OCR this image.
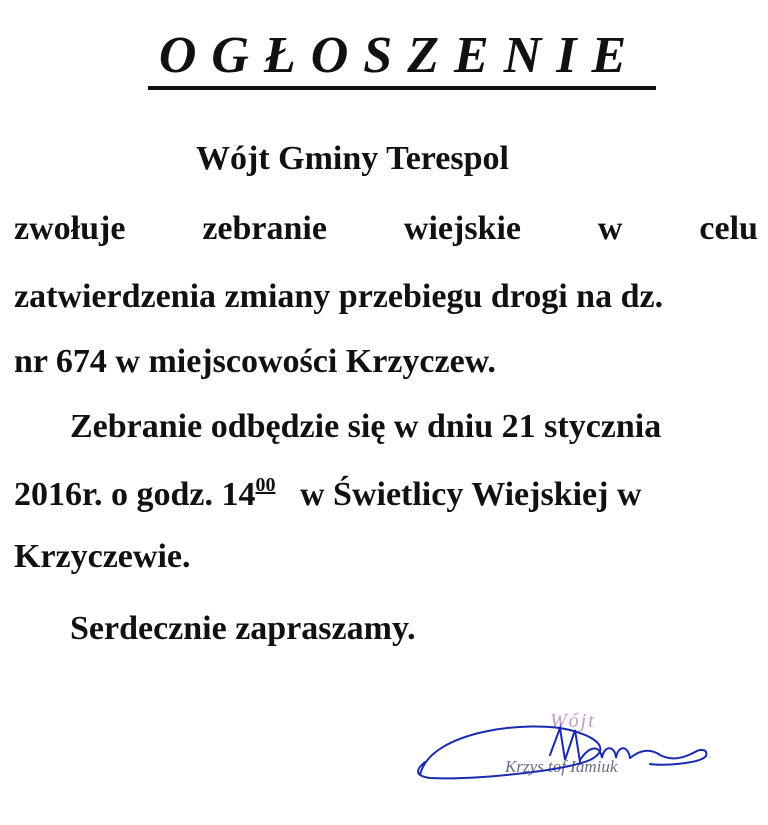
OGŁOSZENIE
Wójt Gminy Terespol
zwołuje zebranie wiejskie w celu
zatwierdzenia zmiany przebiegu drogi na dz.
nr 674 w miejscowości Krzyczew.
Zebranie odbędzie się w dniu 21 stycznia
2016r. o godz. $14^{00}$ w Świetlicy Wiejskiej w
Krzyczewie.
Serdecznie zapraszamy.
Wójt
Krzys tof Iamiuk
